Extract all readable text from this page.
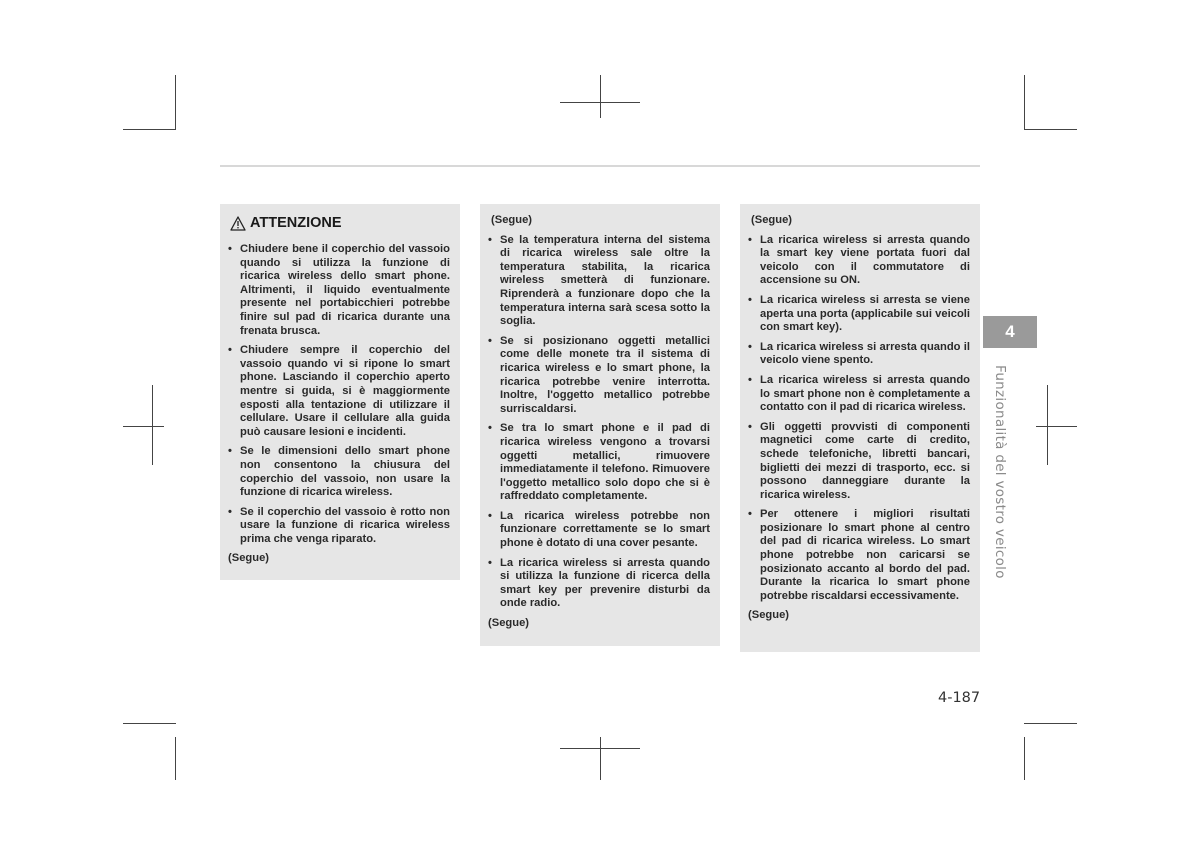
ATTENZIONE
• Chiudere bene il coperchio del vassoio quando si utilizza la funzione di ricarica wireless dello smart phone. Altrimenti, il liquido eventualmente presente nel portabicchieri potrebbe finire sul pad di ricarica durante una frenata brusca.
• Chiudere sempre il coperchio del vassoio quando vi si ripone lo smart phone. Lasciando il coperchio aperto mentre si guida, si è maggiormente esposti alla tentazione di utilizzare il cellulare. Usare il cellulare alla guida può causare lesioni e incidenti.
• Se le dimensioni dello smart phone non consentono la chiusura del coperchio del vassoio, non usare la funzione di ricarica wireless.
• Se il coperchio del vassoio è rotto non usare la funzione di ricarica wireless prima che venga riparato.
(Segue)
(Segue)
• Se la temperatura interna del sistema di ricarica wireless sale oltre la temperatura stabilita, la ricarica wireless smetterà di funzionare. Riprenderà a funzionare dopo che la temperatura interna sarà scesa sotto la soglia.
• Se si posizionano oggetti metallici come delle monete tra il sistema di ricarica wireless e lo smart phone, la ricarica potrebbe venire interrotta. Inoltre, l'oggetto metallico potrebbe surriscaldarsi.
• Se tra lo smart phone e il pad di ricarica wireless vengono a trovarsi oggetti metallici, rimuovere immediatamente il telefono. Rimuovere l'oggetto metallico solo dopo che si è raffreddato completamente.
• La ricarica wireless potrebbe non funzionare correttamente se lo smart phone è dotato di una cover pesante.
• La ricarica wireless si arresta quando si utilizza la funzione di ricerca della smart key per prevenire disturbi da onde radio.
(Segue)
(Segue)
• La ricarica wireless si arresta quando la smart key viene portata fuori dal veicolo con il commutatore di accensione su ON.
• La ricarica wireless si arresta se viene aperta una porta (applicabile sui veicoli con smart key).
• La ricarica wireless si arresta quando il veicolo viene spento.
• La ricarica wireless si arresta quando lo smart phone non è completamente a contatto con il pad di ricarica wireless.
• Gli oggetti provvisti di componenti magnetici come carte di credito, schede telefoniche, libretti bancari, biglietti dei mezzi di trasporto, ecc. si possono danneggiare durante la ricarica wireless.
• Per ottenere i migliori risultati posizionare lo smart phone al centro del pad di ricarica wireless. Lo smart phone potrebbe non caricarsi se posizionato accanto al bordo del pad. Durante la ricarica lo smart phone potrebbe riscaldarsi eccessivamente.
(Segue)
4
Funzionalità del vostro veicolo
4-187
